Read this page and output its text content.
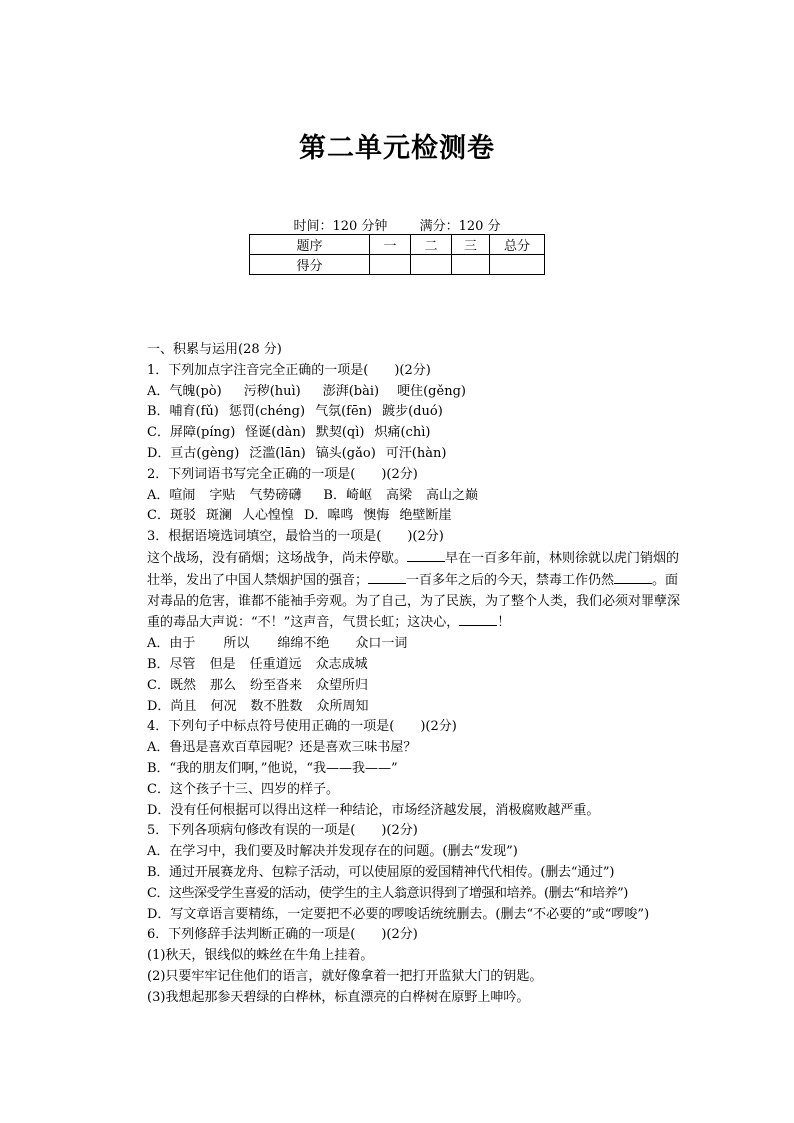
第二单元检测卷
时间：120 分钟 满分：120 分
题序	一	二	三	总分
得分				
一、积累与运用(28 分)
1．下列加点字注音完全正确的一项是(　　)(2分)
A．气魄(pò) 污秽(huì) 澎湃(bài) 哽住(gěng)
B．哺育(fǔ) 惩罚(chéng) 气氛(fēn) 踱步(duó)
C．屏障(píng) 怪诞(dàn) 默契(qì) 炽痛(chì)
D．亘古(gèng) 泛滥(lān) 镐头(gǎo) 可汗(hàn)
2．下列词语书写完全正确的一项是(　　)(2分)
A．喧闹 字贴 气势磅礴 B．崎岖 高梁 高山之巅
C．斑驳 斑澜 人心惶惶 D．嗥鸣 懊悔 绝壁断崖
3．根据语境选词填空，最恰当的一项是(　　)(2分)
这个战场，没有硝烟；这场战争，尚未停歇。	早在一百多年前，林则徐就以虎门销烟的壮举，发出了中国人禁烟护国的强音；	一百多年之后的今天，禁毒工作仍然	。面对毒品的危害，谁都不能袖手旁观。为了自己，为了民族，为了整个人类，我们必须对罪孽深重的毒品大声说：“不！”这声音，气贯长虹；这决心，	！
A．由于 所以 绵绵不绝 众口一词
B．尽管 但是 任重道远 众志成城
C．既然 那么 纷至沓来 众望所归
D．尚且 何况 数不胜数 众所周知
4．下列句子中标点符号使用正确的一项是(　　)(2分)
A．鲁迅是喜欢百草园呢？还是喜欢三味书屋？
B．“我的朋友们啊，”他说，“我——我——”
C．这个孩子十三、四岁的样子。
D．没有任何根据可以得出这样一种结论，市场经济越发展，消极腐败越严重。
5．下列各项病句修改有误的一项是(　　)(2分)
A．在学习中，我们要及时解决并发现存在的问题。(删去“发现”)
B．通过开展赛龙舟、包粽子活动，可以使屈原的爱国精神代代相传。(删去“通过”)
C．这些深受学生喜爱的活动，使学生的主人翁意识得到了增强和培养。(删去“和培养”)
D．写文章语言要精练，一定要把不必要的啰唆话统统删去。(删去“不必要的”或“啰唆”)
6．下列修辞手法判断正确的一项是(　　)(2分)
(1)秋天，银线似的蛛丝在牛角上挂着。
(2)只要牢牢记住他们的语言，就好像拿着一把打开监狱大门的钥匙。
(3)我想起那参天碧绿的白桦林，标直漂亮的白桦树在原野上呻吟。
